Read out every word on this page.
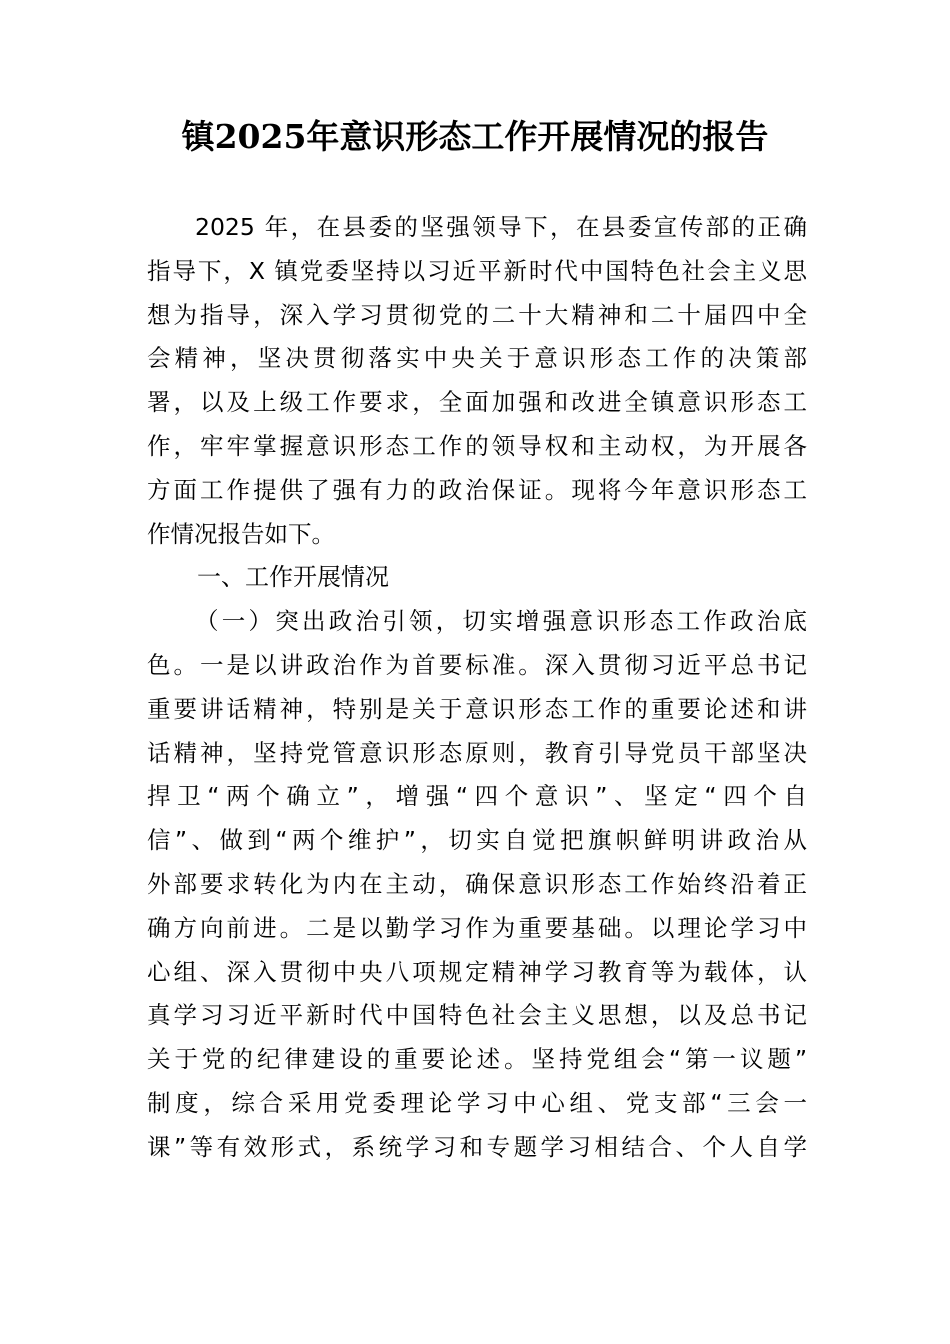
镇2025年意识形态工作开展情况的报告
2025 年，在县委的坚强领导下，在县委宣传部的正确
指导下，X 镇党委坚持以习近平新时代中国特色社会主义思
想为指导，深入学习贯彻党的二十大精神和二十届四中全
会精神，坚决贯彻落实中央关于意识形态工作的决策部
署，以及上级工作要求，全面加强和改进全镇意识形态工
作，牢牢掌握意识形态工作的领导权和主动权，为开展各
方面工作提供了强有力的政治保证。现将今年意识形态工
作情况报告如下。
一、工作开展情况
（一）突出政治引领，切实增强意识形态工作政治底
色。一是以讲政治作为首要标准。深入贯彻习近平总书记
重要讲话精神，特别是关于意识形态工作的重要论述和讲
话精神，坚持党管意识形态原则，教育引导党员干部坚决
捍卫“两个确立”，增强“四个意识”、坚定“四个自
信”、做到“两个维护”，切实自觉把旗帜鲜明讲政治从
外部要求转化为内在主动，确保意识形态工作始终沿着正
确方向前进。二是以勤学习作为重要基础。以理论学习中
心组、深入贯彻中央八项规定精神学习教育等为载体，认
真学习习近平新时代中国特色社会主义思想，以及总书记
关于党的纪律建设的重要论述。坚持党组会“第一议题”
制度，综合采用党委理论学习中心组、党支部“三会一
课”等有效形式，系统学习和专题学习相结合、个人自学
